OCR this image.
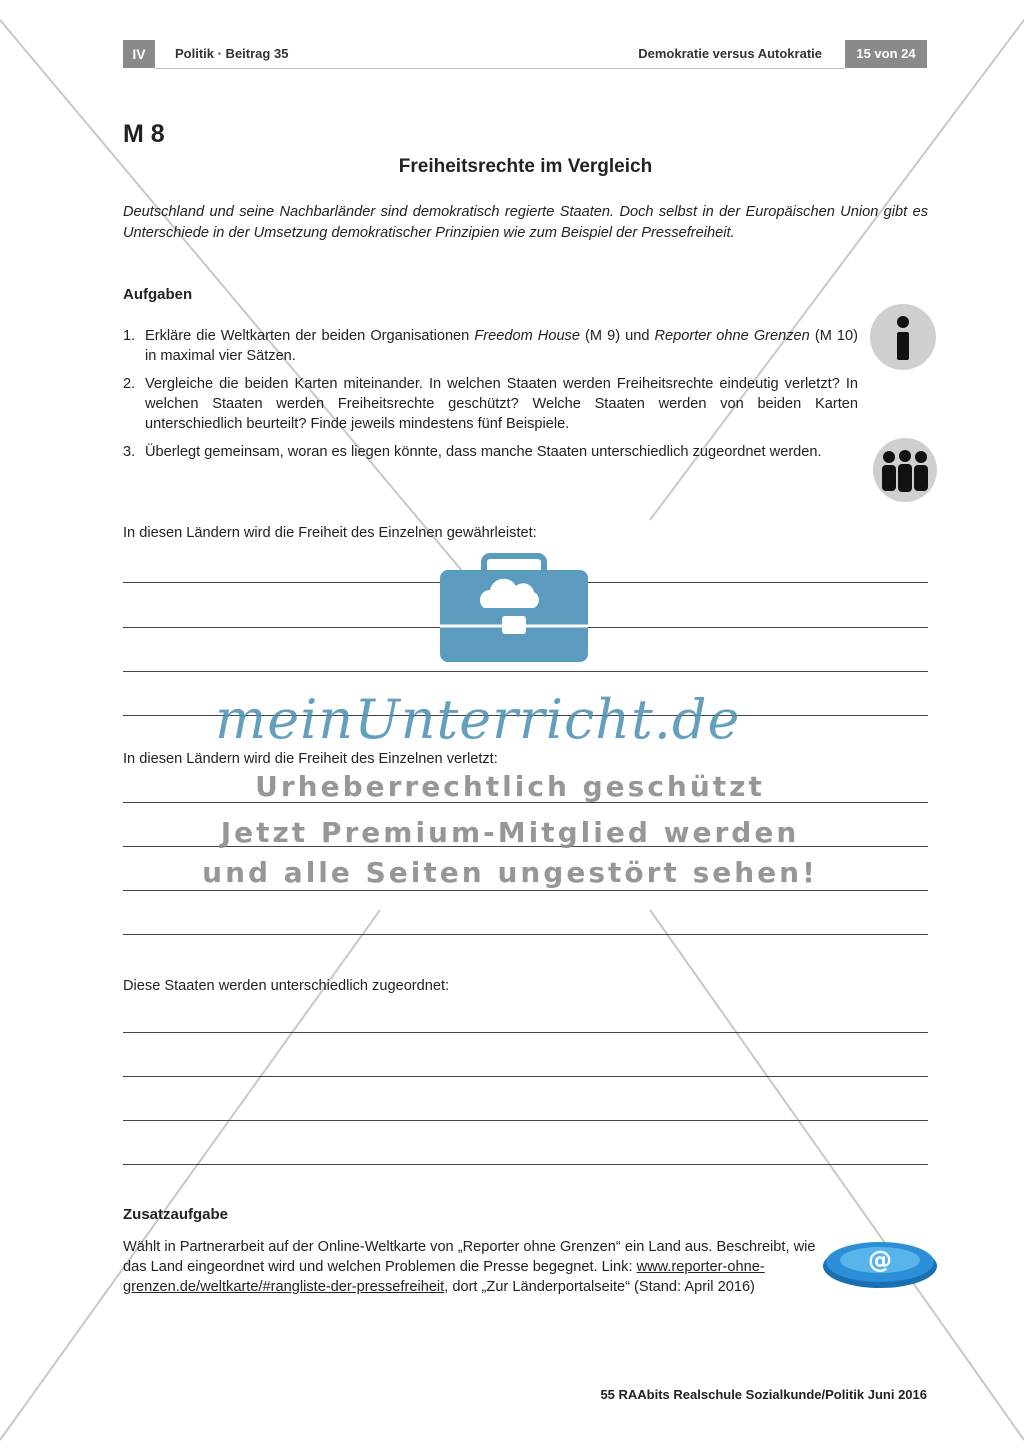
IV	Politik · Beitrag 35	Demokratie versus Autokratie	15 von 24
M 8
Freiheitsrechte im Vergleich
Deutschland und seine Nachbarländer sind demokratisch regierte Staaten. Doch selbst in der Europäischen Union gibt es Unterschiede in der Umsetzung demokratischer Prinzipien wie zum Beispiel der Pressefreiheit.
Aufgaben
1. Erkläre die Weltkarten der beiden Organisationen Freedom House (M 9) und Reporter ohne Grenzen (M 10) in maximal vier Sätzen.
2. Vergleiche die beiden Karten miteinander. In welchen Staaten werden Freiheitsrechte eindeutig verletzt? In welchen Staaten werden Freiheitsrechte geschützt? Welche Staaten werden von beiden Karten unterschiedlich beurteilt? Finde jeweils mindestens fünf Beispiele.
3. Überlegt gemeinsam, woran es liegen könnte, dass manche Staaten unterschiedlich zugeordnet werden.
In diesen Ländern wird die Freiheit des Einzelnen gewährleistet:
In diesen Ländern wird die Freiheit des Einzelnen verletzt:
Diese Staaten werden unterschiedlich zugeordnet:
Zusatzaufgabe
Wählt in Partnerarbeit auf der Online-Weltkarte von „Reporter ohne Grenzen“ ein Land aus. Beschreibt, wie das Land eingeordnet wird und welchen Problemen die Presse begegnet. Link: www.reporter-ohne-grenzen.de/weltkarte/#rangliste-der-pressefreiheit, dort „Zur Länderportalseite“ (Stand: April 2016)
@
55 RAAbits Realschule Sozialkunde/Politik Juni 2016
meinUnterricht.de
Urheberrechtlich geschützt
Jetzt Premium-Mitglied werden
und alle Seiten ungestört sehen!
